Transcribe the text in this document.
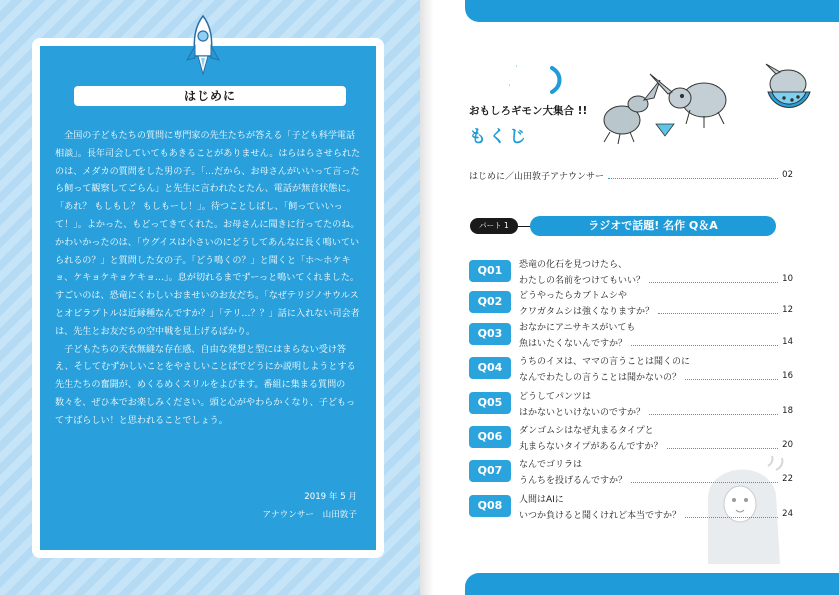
はじめに

全国の子どもたちの質問に専門家の先生たちが答える「子ども科学電話相談」。長年司会していてもあきることがありません。はらはらさせられたのは、メダカの質問をした男の子。「…だから、お母さんがいいって言ったら飼って観察してごらん」と先生に言われたとたん、電話が無音状態に。「あれ？ もしもし？ もしもーし！」。待つことしばし、「飼っていいって！」。よかった、もどってきてくれた。お母さんに聞きに行ってたのね。かわいかったのは、「ウグイスは小さいのにどうしてあんなに長く鳴いていられるの？」と質問した女の子。「どう鳴くの？」と聞くと「ホ〜ホケキョ、ケキョケキョケキョ…」。息が切れるまでずーっと鳴いてくれました。すごいのは、恐竜にくわしいおませいのお友だち。「なぜテリジノサウルスとオビラプトルは近縁種なんですか？」「テリ…？？」話に入れない司会者は、先生とお友だちの空中戦を見上げるばかり。

子どもたちの天衣無縫な存在感、自由な発想と型にはまらない受け答え、そしてむずかしいことをやさしいことばでどうにか説明しようとする先生たちの奮闘が、めくるめくスリルをよびます。番組に集まる質問の数々を、ぜひ本でお楽しみください。頭と心がやわらかくなり、子どもってすばらしい！と思われることでしょう。

2019 年 5 月
アナウンサー　山田敦子
子ども科学
電話相談
おもしろギモン大集合 !!
もくじ
はじめに／山田敦子アナウンサー	02
パート 1	ラジオで話題! 名作 Q＆A
Q01	恐竜の化石を見つけたら、
わたしの名前をつけてもいい？	10
Q02	どうやったらカブトムシや
クワガタムシは強くなりますか？	12
Q03	おなかにアニサキスがいても
魚はいたくないんですか？	14
Q04	うちのイヌは、ママの言うことは聞くのに
なんでわたしの言うことは聞かないの？	16
Q05	どうしてパンツは
はかないといけないのですか？	18
Q06	ダンゴムシはなぜ丸まるタイプと
丸まらないタイプがあるんですか？	20
Q07	なんでゴリラは
うんちを投げるんですか？	22
Q08	人間はAIに
いつか負けると聞くけれど本当ですか？	24
